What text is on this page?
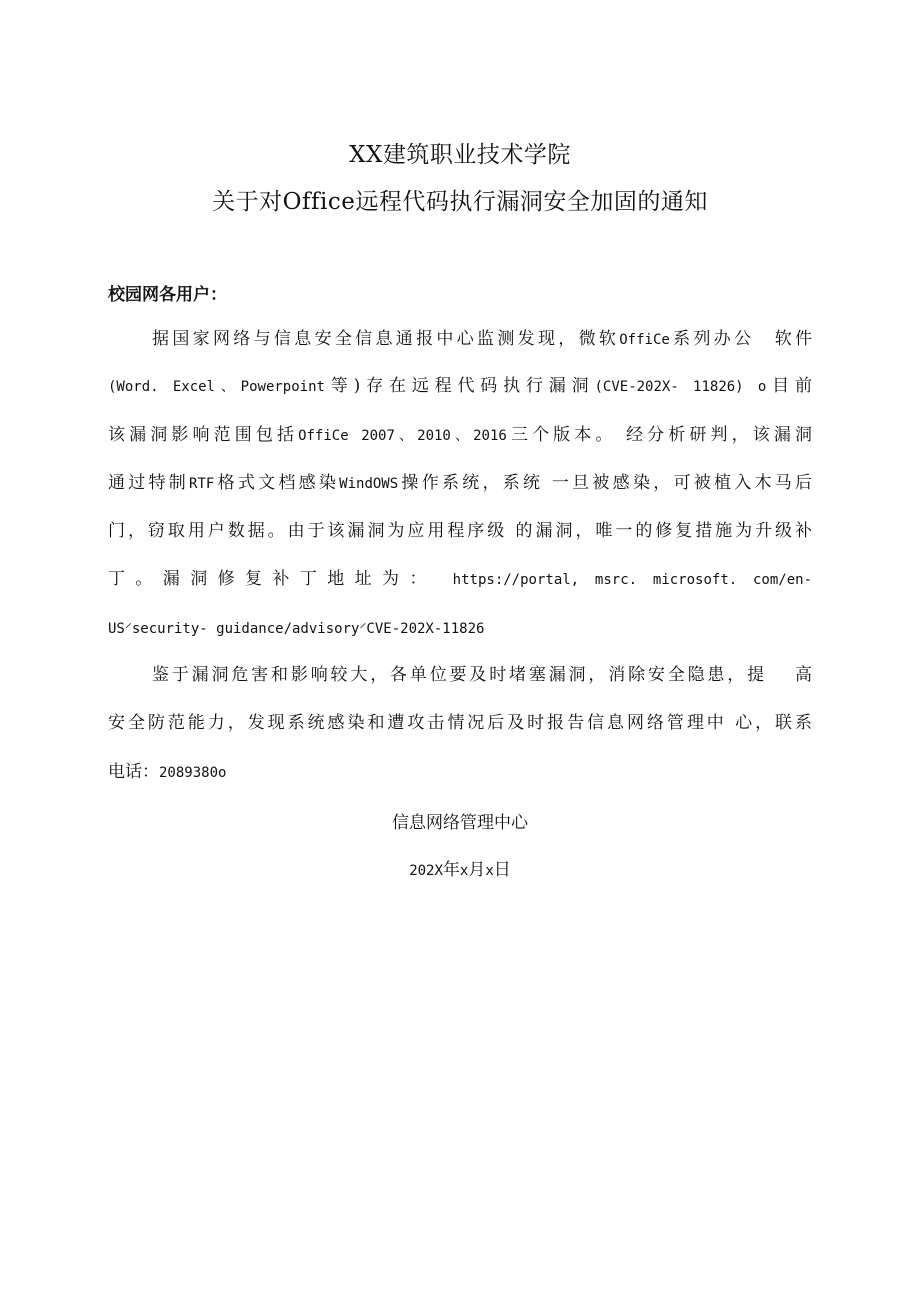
XX建筑职业技术学院
关于对Office远程代码执行漏洞安全加固的通知
校园网各用户：
据国家网络与信息安全信息通报中心监测发现，微软OffiCe系列办公　软件
(Word. Excel、Powerpoint等)存在远程代码执行漏洞(CVE-202X- 11826) o目前
该漏洞影响范围包括OffiCe 2007、2010、2016三个版本。 经分析研判，该漏洞
通过特制RTF格式文档感染WindOWS操作系统，系统 一旦被感染，可被植入木马后
门，窃取用户数据。由于该漏洞为应用程序级 的漏洞，唯一的修复措施为升级补
丁。漏洞修复补丁地址为： https://portal, msrc. microsoft. com/en-
US⸍security- guidance/advisory⸍CVE-202X-11826
鉴于漏洞危害和影响较大，各单位要及时堵塞漏洞，消除安全隐患，提　 高
安全防范能力，发现系统感染和遭攻击情况后及时报告信息网络管理中 心，联系
电话：2089380o
信息网络管理中心
202X年x月x日
